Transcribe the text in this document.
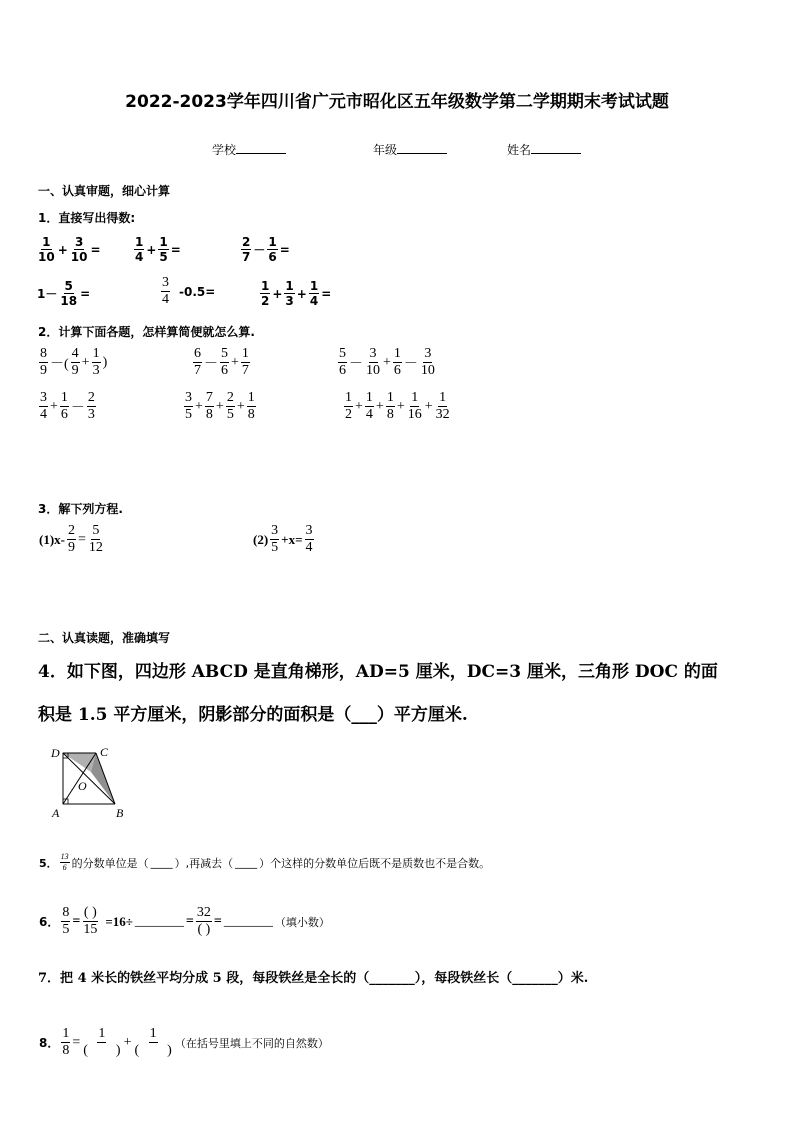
2022-2023学年四川省广元市昭化区五年级数学第二学期期末考试试题
学校	年级	姓名
一、认真审题，细心计算
1．直接写出得数:
$\frac{1}{10} + \frac{3}{10}$ =	$\frac{1}{4} + \frac{1}{5}$ =	$\frac{2}{7} - \frac{1}{6}$ =
$1- \frac{5}{18}$ =	$\frac{3}{4} -0.5=$	$\frac{1}{2} + \frac{1}{3} + \frac{1}{4}$ =
2．计算下面各题，怎样算简便就怎么算.
$\frac{8}{9}$ －( $\frac{4}{9} + \frac{1}{3}$ )	$\frac{6}{7} - \frac{5}{6} + \frac{1}{7}$	$\frac{5}{6} - \frac{3}{10} + \frac{1}{6} - \frac{3}{10}$
$\frac{3}{4} + \frac{1}{6} - \frac{2}{3}$	$\frac{3}{5} + \frac{7}{8} + \frac{2}{5} + \frac{1}{8}$	$\frac{1}{2} + \frac{1}{4} + \frac{1}{8} + \frac{1}{16} + \frac{1}{32}$
3．解下列方程.
$(1)x- \frac{2}{9} = \frac{5}{12}$	$(2) \frac{3}{5} +x= \frac{3}{4}$
二、认真读题，准确填写
4．如下图，四边形 ABCD 是直角梯形，AD=5 厘米，DC=3 厘米，三角形 DOC 的面
积是 1.5 平方厘米，阴影部分的面积是（___）平方厘米.
D	C
O
A	B
5． $\frac{13}{6}$ 的分数单位是（ ____ ）,再减去（ ____ ）个这样的分数单位后既不是质数也不是合数。
6． $\frac{8}{5} = \frac{( )}{15} =16\div$ _______ = $\frac{32}{( )}$ = _______ （填小数）
7．把 4 米长的铁丝平均分成 5 段，每段铁丝是全长的（_______），每段铁丝长（_______）米.
8． $\frac{1}{8} = \frac{1}{( )} + \frac{1}{( )}$ （在括号里填上不同的自然数）
